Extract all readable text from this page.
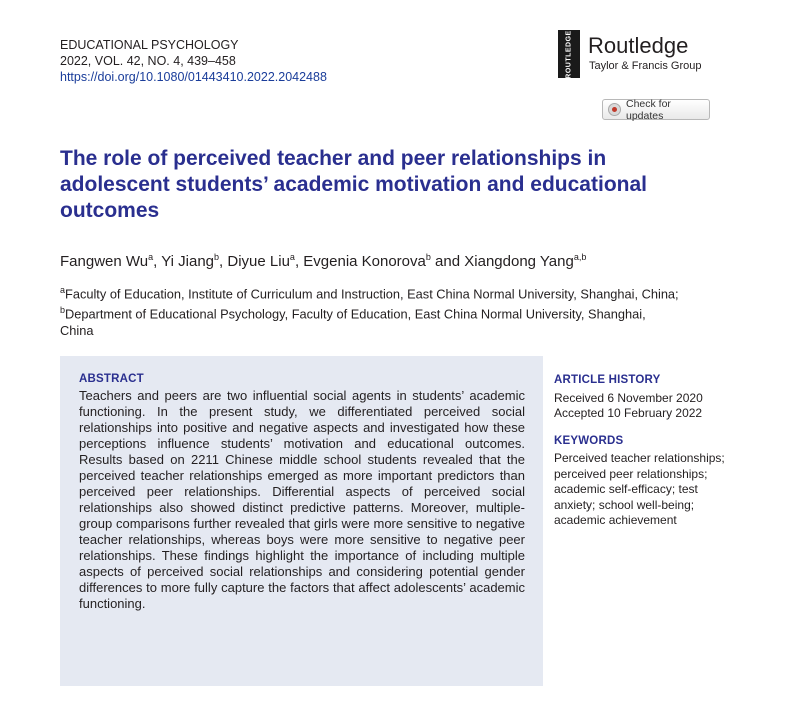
EDUCATIONAL PSYCHOLOGY
2022, VOL. 42, NO. 4, 439–458
https://doi.org/10.1080/01443410.2022.2042488	ROUTLEDGE Routledge
Taylor & Francis Group
Check for updates
The role of perceived teacher and peer relationships in adolescent students’ academic motivation and educational outcomes
Fangwen Wu$^a$, Yi Jiang$^b$, Diyue Liu$^a$, Evgenia Konorova$^b$ and Xiangdong Yang$^{a,b}$
$^a$Faculty of Education, Institute of Curriculum and Instruction, East China Normal University, Shanghai, China; $^b$Department of Educational Psychology, Faculty of Education, East China Normal University, Shanghai, China
ABSTRACT

Teachers and peers are two influential social agents in students’ academic functioning. In the present study, we differentiated perceived social relationships into positive and negative aspects and investigated how these perceptions influence students’ motivation and educational outcomes. Results based on 2211 Chinese middle school students revealed that the perceived teacher relationships emerged as more important predictors than perceived peer relationships. Differential aspects of perceived social relationships also showed distinct predictive patterns. Moreover, multiple-group comparisons further revealed that girls were more sensitive to negative teacher relationships, whereas boys were more sensitive to negative peer relationships. These findings highlight the importance of including multiple aspects of perceived social relationships and considering potential gender differences to more fully capture the factors that affect adolescents’ academic functioning.

ARTICLE HISTORY
Received 6 November 2020
Accepted 10 February 2022
KEYWORDS
Perceived teacher relationships; perceived peer relationships; academic self-efficacy; test anxiety; school well-being; academic achievement
